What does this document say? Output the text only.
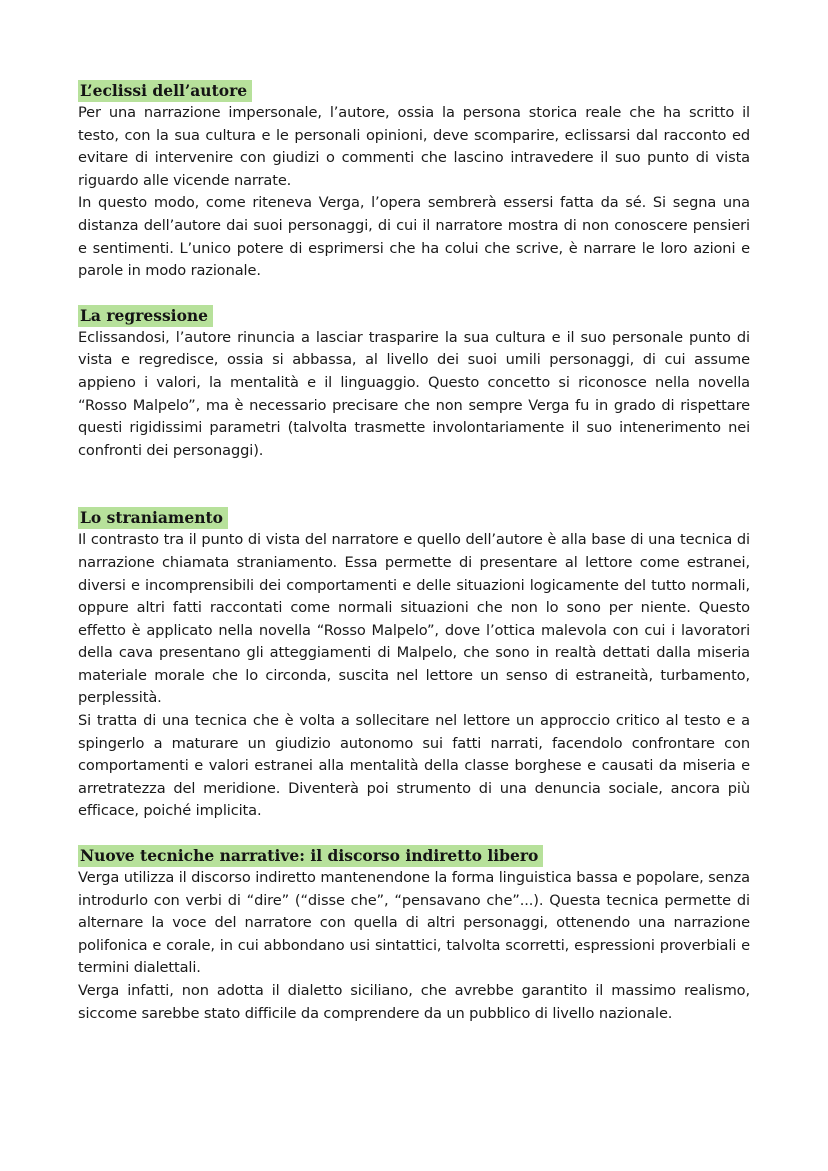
L’eclissi dell’autore

Per una narrazione impersonale, l’autore, ossia la persona storica reale che ha scritto il testo, con la sua cultura e le personali opinioni, deve scomparire, eclissarsi dal racconto ed evitare di intervenire con giudizi o commenti che lascino intravedere il suo punto di vista riguardo alle vicende narrate.

In questo modo, come riteneva Verga, l’opera sembrerà essersi fatta da sé. Si segna una distanza dell’autore dai suoi personaggi, di cui il narratore mostra di non conoscere pensieri e sentimenti. L’unico potere di esprimersi che ha colui che scrive, è narrare le loro azioni e parole in modo razionale.

La regressione

Eclissandosi, l’autore rinuncia a lasciar trasparire la sua cultura e il suo personale punto di vista e regredisce, ossia si abbassa, al livello dei suoi umili personaggi, di cui assume appieno i valori, la mentalità e il linguaggio. Questo concetto si riconosce nella novella “Rosso Malpelo”, ma è necessario precisare che non sempre Verga fu in grado di rispettare questi rigidissimi parametri (talvolta trasmette involontariamente il suo intenerimento nei confronti dei personaggi).

Lo straniamento

Il contrasto tra il punto di vista del narratore e quello dell’autore è alla base di una tecnica di narrazione chiamata straniamento. Essa permette di presentare al lettore come estranei, diversi e incomprensibili dei comportamenti e delle situazioni logicamente del tutto normali, oppure altri fatti raccontati come normali situazioni che non lo sono per niente. Questo effetto è applicato nella novella “Rosso Malpelo”, dove l’ottica malevola con cui i lavoratori della cava presentano gli atteggiamenti di Malpelo, che sono in realtà dettati dalla miseria materiale morale che lo circonda, suscita nel lettore un senso di estraneità, turbamento, perplessità.

Si tratta di una tecnica che è volta a sollecitare nel lettore un approccio critico al testo e a spingerlo a maturare un giudizio autonomo sui fatti narrati, facendolo confrontare con comportamenti e valori estranei alla mentalità della classe borghese e causati da miseria e arretratezza del meridione. Diventerà poi strumento di una denuncia sociale, ancora più efficace, poiché implicita.

Nuove tecniche narrative: il discorso indiretto libero

Verga utilizza il discorso indiretto mantenendone la forma linguistica bassa e popolare, senza introdurlo con verbi di “dire” (“disse che”, “pensavano che”...). Questa tecnica permette di alternare la voce del narratore con quella di altri personaggi, ottenendo una narrazione polifonica e corale, in cui abbondano usi sintattici, talvolta scorretti, espressioni proverbiali e termini dialettali.

Verga infatti, non adotta il dialetto siciliano, che avrebbe garantito il massimo realismo, siccome sarebbe stato difficile da comprendere da un pubblico di livello nazionale.
